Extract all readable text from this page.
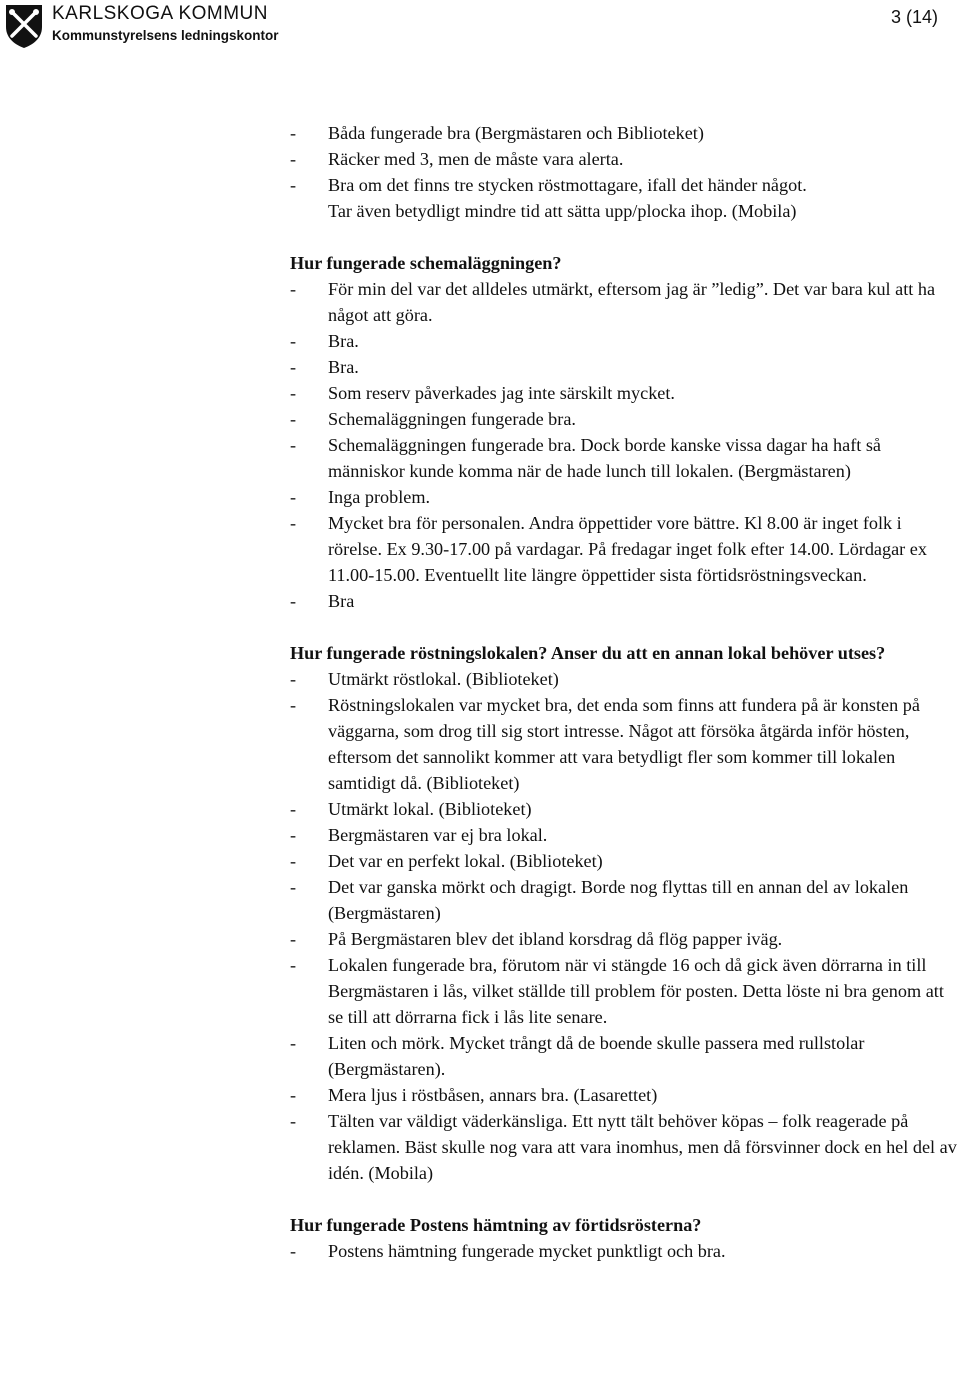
KARLSKOGA KOMMUN
Kommunstyrelsens ledningskontor
3 (14)

- Båda fungerade bra (Bergmästaren och Biblioteket)

- Räcker med 3, men de måste vara alerta.

- Bra om det finns tre stycken röstmottagare, ifall det händer något.

Tar även betydligt mindre tid att sätta upp/plocka ihop. (Mobila)

Hur fungerade schemaläggningen?

- För min del var det alldeles utmärkt, eftersom jag är ”ledig”. Det var bara kul att ha något att göra.

- Bra.

- Bra.

- Som reserv påverkades jag inte särskilt mycket.

- Schemaläggningen fungerade bra.

- Schemaläggningen fungerade bra. Dock borde kanske vissa dagar ha haft så människor kunde komma när de hade lunch till lokalen. (Bergmästaren)

- Inga problem.

- Mycket bra för personalen. Andra öppettider vore bättre. Kl 8.00 är inget folk i rörelse. Ex 9.30-17.00 på vardagar. På fredagar inget folk efter 14.00. Lördagar ex 11.00-15.00. Eventuellt lite längre öppettider sista förtidsröstningsveckan.

- Bra

Hur fungerade röstningslokalen? Anser du att en annan lokal behöver utses?

- Utmärkt röstlokal. (Biblioteket)

- Röstningslokalen var mycket bra, det enda som finns att fundera på är konsten på väggarna, som drog till sig stort intresse. Något att försöka åtgärda inför hösten, eftersom det sannolikt kommer att vara betydligt fler som kommer till lokalen samtidigt då. (Biblioteket)

- Utmärkt lokal. (Biblioteket)

- Bergmästaren var ej bra lokal.

- Det var en perfekt lokal. (Biblioteket)

- Det var ganska mörkt och dragigt. Borde nog flyttas till en annan del av lokalen (Bergmästaren)

- På Bergmästaren blev det ibland korsdrag då flög papper iväg.

- Lokalen fungerade bra, förutom när vi stängde 16 och då gick även dörrarna in till Bergmästaren i lås, vilket ställde till problem för posten. Detta löste ni bra genom att se till att dörrarna fick i lås lite senare.

- Liten och mörk. Mycket trångt då de boende skulle passera med rullstolar (Bergmästaren).

- Mera ljus i röstbåsen, annars bra. (Lasarettet)

- Tälten var väldigt väderkänsliga. Ett nytt tält behöver köpas – folk reagerade på reklamen. Bäst skulle nog vara att vara inomhus, men då försvinner dock en hel del av idén. (Mobila)

Hur fungerade Postens hämtning av förtidsrösterna?

- Postens hämtning fungerade mycket punktligt och bra.
